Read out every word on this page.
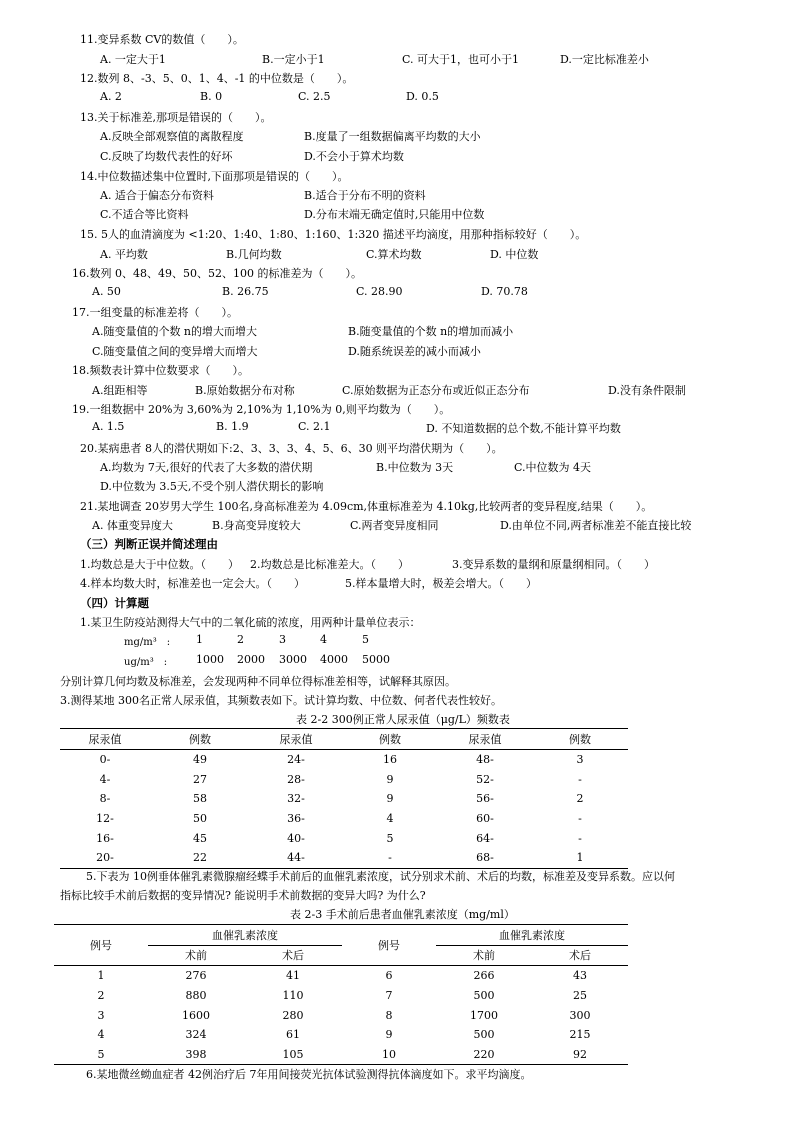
11.变异系数 CV的数值（　　）。
A. 一定大于1	B.一定小于1	C. 可大于1，也可小于1	D.一定比标准差小
12.数列 8、-3、5、0、1、4、-1 的中位数是（　　）。
A. 2	B. 0	C. 2.5	D. 0.5
13.关于标准差,那项是错误的（　　）。
A.反映全部观察值的离散程度	B.度量了一组数据偏离平均数的大小
C.反映了均数代表性的好坏	D.不会小于算术均数
14.中位数描述集中位置时,下面那项是错误的（　　）。
A. 适合于偏态分布资料	B.适合于分布不明的资料
C.不适合等比资料	D.分布末端无确定值时,只能用中位数
15. 5人的血清滴度为 <1:20、1:40、1:80、1:160、1:320 描述平均滴度，用那种指标较好（　　）。
A. 平均数	B.几何均数	C.算术均数	D. 中位数
16.数列 0、48、49、50、52、100 的标准差为（　　）。
A. 50	B. 26.75	C. 28.90	D. 70.78
17.一组变量的标准差将（　　）。
A.随变量值的个数 n的增大而增大	B.随变量值的个数 n的增加而减小
C.随变量值之间的变异增大而增大	D.随系统误差的减小而减小
18.频数表计算中位数要求（　　）。
A.组距相等	B.原始数据分布对称	C.原始数据为正态分布或近似正态分布	D.没有条件限制
19.一组数据中 20%为 3,60%为 2,10%为 1,10%为 0,则平均数为（　　）。
A. 1.5	B. 1.9	C. 2.1	D. 不知道数据的总个数,不能计算平均数
20.某病患者 8人的潜伏期如下:2、3、3、3、4、5、6、30 则平均潜伏期为（　　）。
A.均数为 7天,很好的代表了大多数的潜伏期	B.中位数为 3天	C.中位数为 4天
D.中位数为 3.5天,不受个别人潜伏期长的影响
21.某地调查 20岁男大学生 100名,身高标准差为 4.09cm,体重标准差为 4.10kg,比较两者的变异程度,结果（　　）。
A. 体重变异度大	B.身高变异度较大	C.两者变异度相同	D.由单位不同,两者标准差不能直接比较
（三）判断正误并简述理由
1.均数总是大于中位数。（　　） 2.均数总是比标准差大。（　　）	3.变异系数的量纲和原量纲相同。（　　）
4.样本均数大时，标准差也一定会大。（　　）	5.样本量增大时，极差会增大。（　　）
（四）计算题
1.某卫生防疫站测得大气中的二氧化硫的浓度，用两种计量单位表示：
mg/m³　: 1	2	3	4	5
ug/m³　:	1000 2000 3000 4000 5000
分别计算几何均数及标准差，会发现两种不同单位得标准差相等，试解释其原因。
3.测得某地 300名正常人尿汞值，其频数表如下。试计算均数、中位数、何者代表性较好。
表 2-2 300例正常人尿汞值（μg/L）频数表
尿汞值	例数	尿汞值	例数	尿汞值	例数
0-	49	24-	16	48-	3
4-	27	28-	9	52-	-
8-	58	32-	9	56-	2
12-	50	36-	4	60-	-
16-	45	40-	5	64-	-
20-	22	44-	-	68-	1
5.下表为 10例垂体催乳素微腺瘤经蝶手术前后的血催乳素浓度，试分别求术前、术后的均数，标准差及变异系数。应以何
指标比较手术前后数据的变异情况? 能说明手术前数据的变异大吗? 为什么?
表 2-3 手术前后患者血催乳素浓度（mg/ml）
例号	血催乳素浓度		例号	血催乳素浓度	
	术前	术后		术前	术后
1	276	41	6	266	43
2	880	110	7	500	25
3	1600	280	8	1700	300
4	324	61	9	500	215
5	398	105	10	220	92
6.某地微丝蚴血症者 42例治疗后 7年用间接荧光抗体试验测得抗体滴度如下。求平均滴度。
